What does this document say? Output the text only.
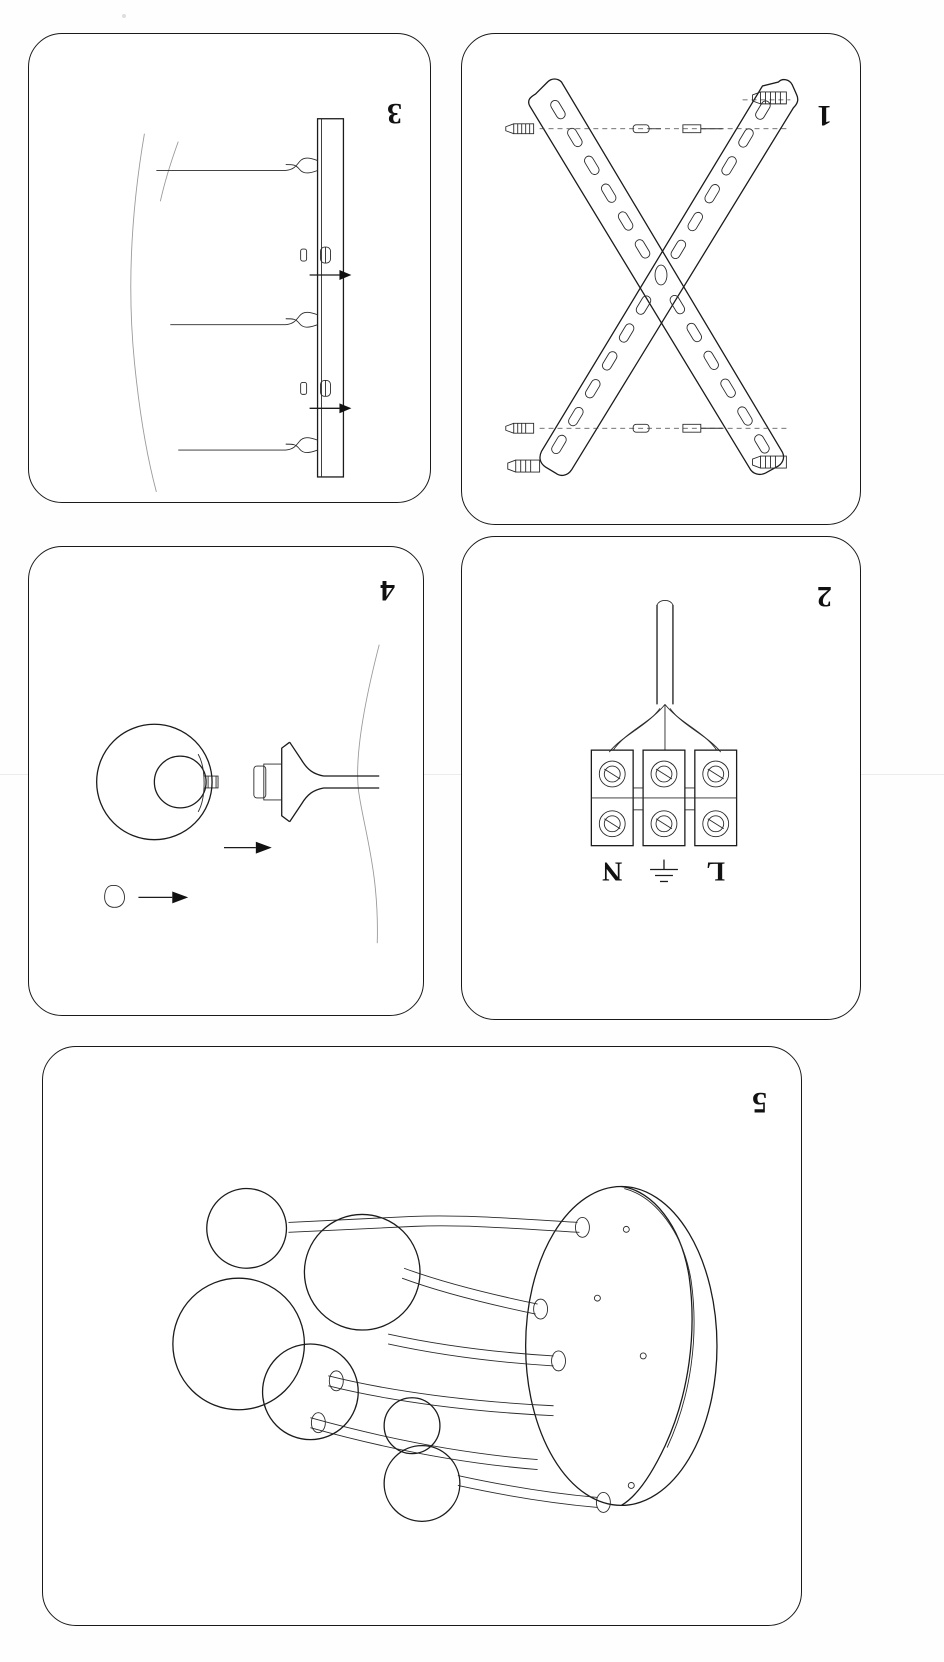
1
3
2
N	L
4
5
